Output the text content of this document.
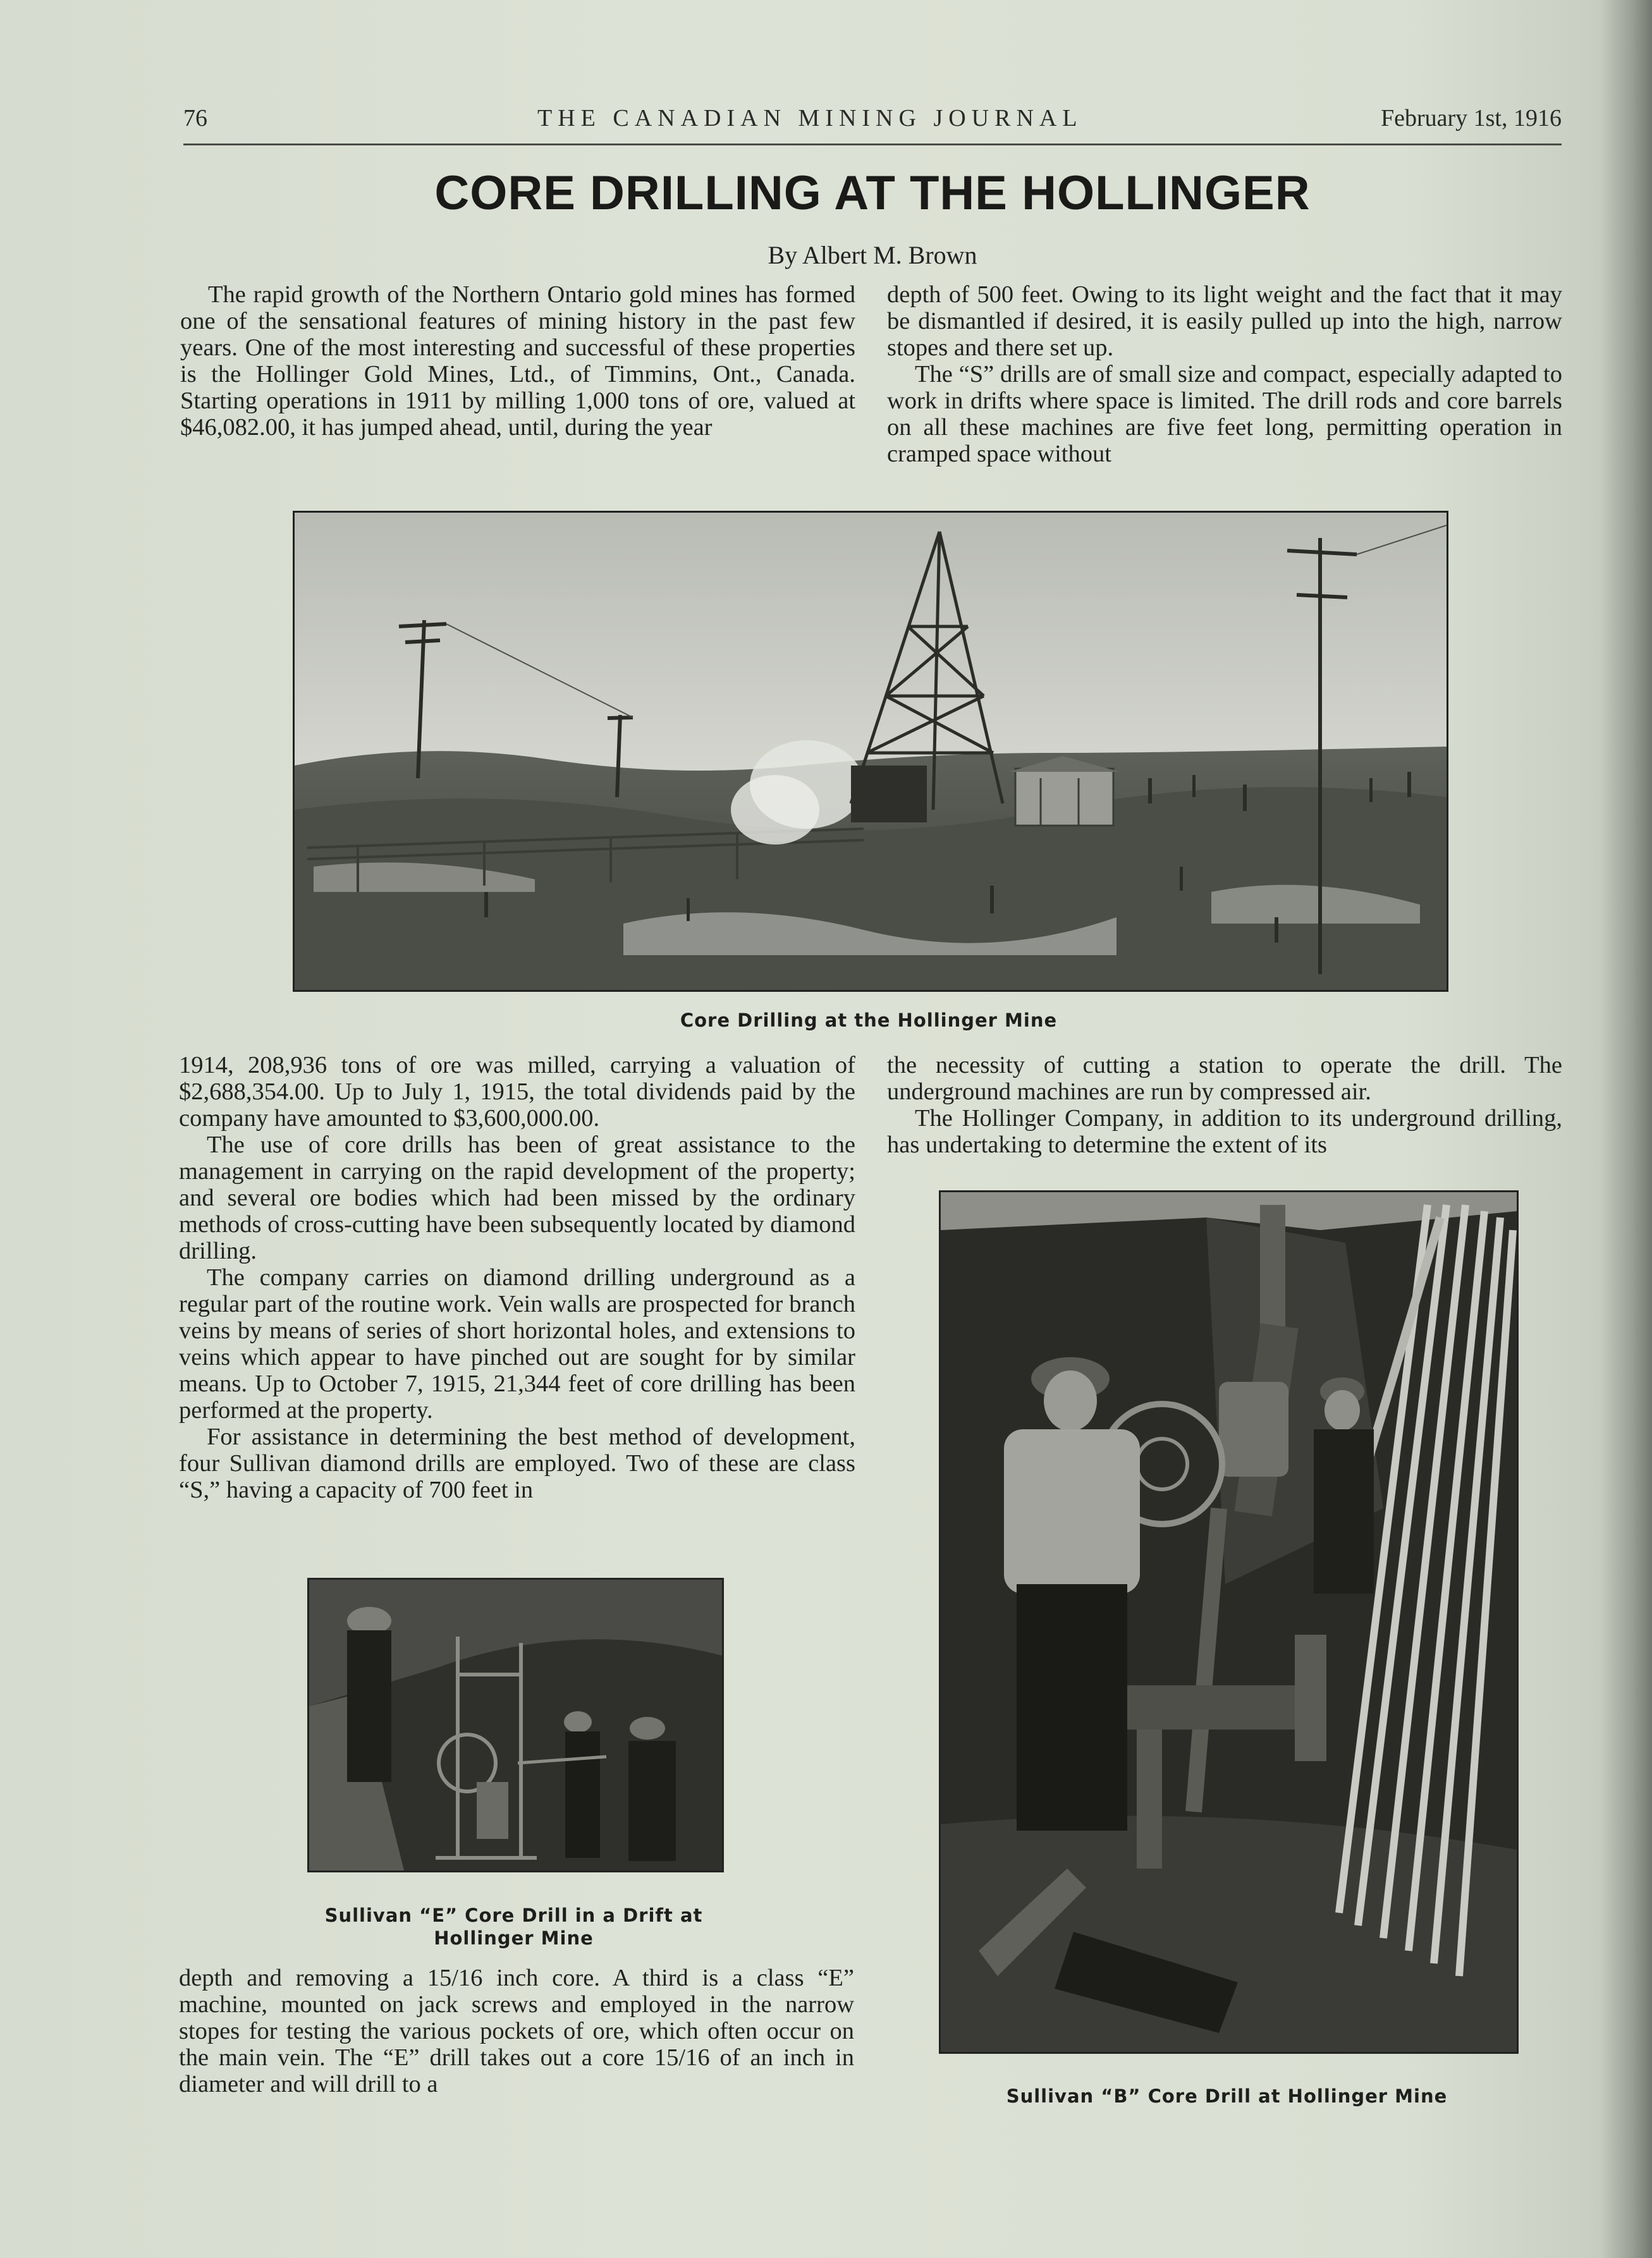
76	THE CANADIAN MINING JOURNAL	February 1st, 1916
CORE DRILLING AT THE HOLLINGER
By Albert M. Brown

The rapid growth of the Northern Ontario gold mines has formed one of the sensational features of mining history in the past few years. One of the most interesting and successful of these properties is the Hollinger Gold Mines, Ltd., of Timmins, Ont., Canada. Starting operations in 1911 by milling 1,000 tons of ore, valued at $46,082.00, it has jumped ahead, until, during the year

depth of 500 feet. Owing to its light weight and the fact that it may be dismantled if desired, it is easily pulled up into the high, narrow stopes and there set up.

The “S” drills are of small size and compact, especially adapted to work in drifts where space is limited. The drill rods and core barrels on all these machines are five feet long, permitting operation in cramped space without

Core Drilling at the Hollinger Mine

1914, 208,936 tons of ore was milled, carrying a valuation of $2,688,354.00. Up to July 1, 1915, the total dividends paid by the company have amounted to $3,600,000.00.

The use of core drills has been of great assistance to the management in carrying on the rapid development of the property; and several ore bodies which had been missed by the ordinary methods of cross-cutting have been subsequently located by diamond drilling.

The company carries on diamond drilling underground as a regular part of the routine work. Vein walls are prospected for branch veins by means of series of short horizontal holes, and extensions to veins which appear to have pinched out are sought for by similar means. Up to October 7, 1915, 21,344 feet of core drilling has been performed at the property.

For assistance in determining the best method of development, four Sullivan diamond drills are employed. Two of these are class “S,” having a capacity of 700 feet in

the necessity of cutting a station to operate the drill. The underground machines are run by compressed air.

The Hollinger Company, in addition to its underground drilling, has undertaking to determine the extent of its

Sullivan “E” Core Drill in a Drift at
Hollinger Mine

depth and removing a 15/16 inch core. A third is a class “E” machine, mounted on jack screws and employed in the narrow stopes for testing the various pockets of ore, which often occur on the main vein. The “E” drill takes out a core 15/16 of an inch in diameter and will drill to a	Sullivan “B” Core Drill at Hollinger Mine
